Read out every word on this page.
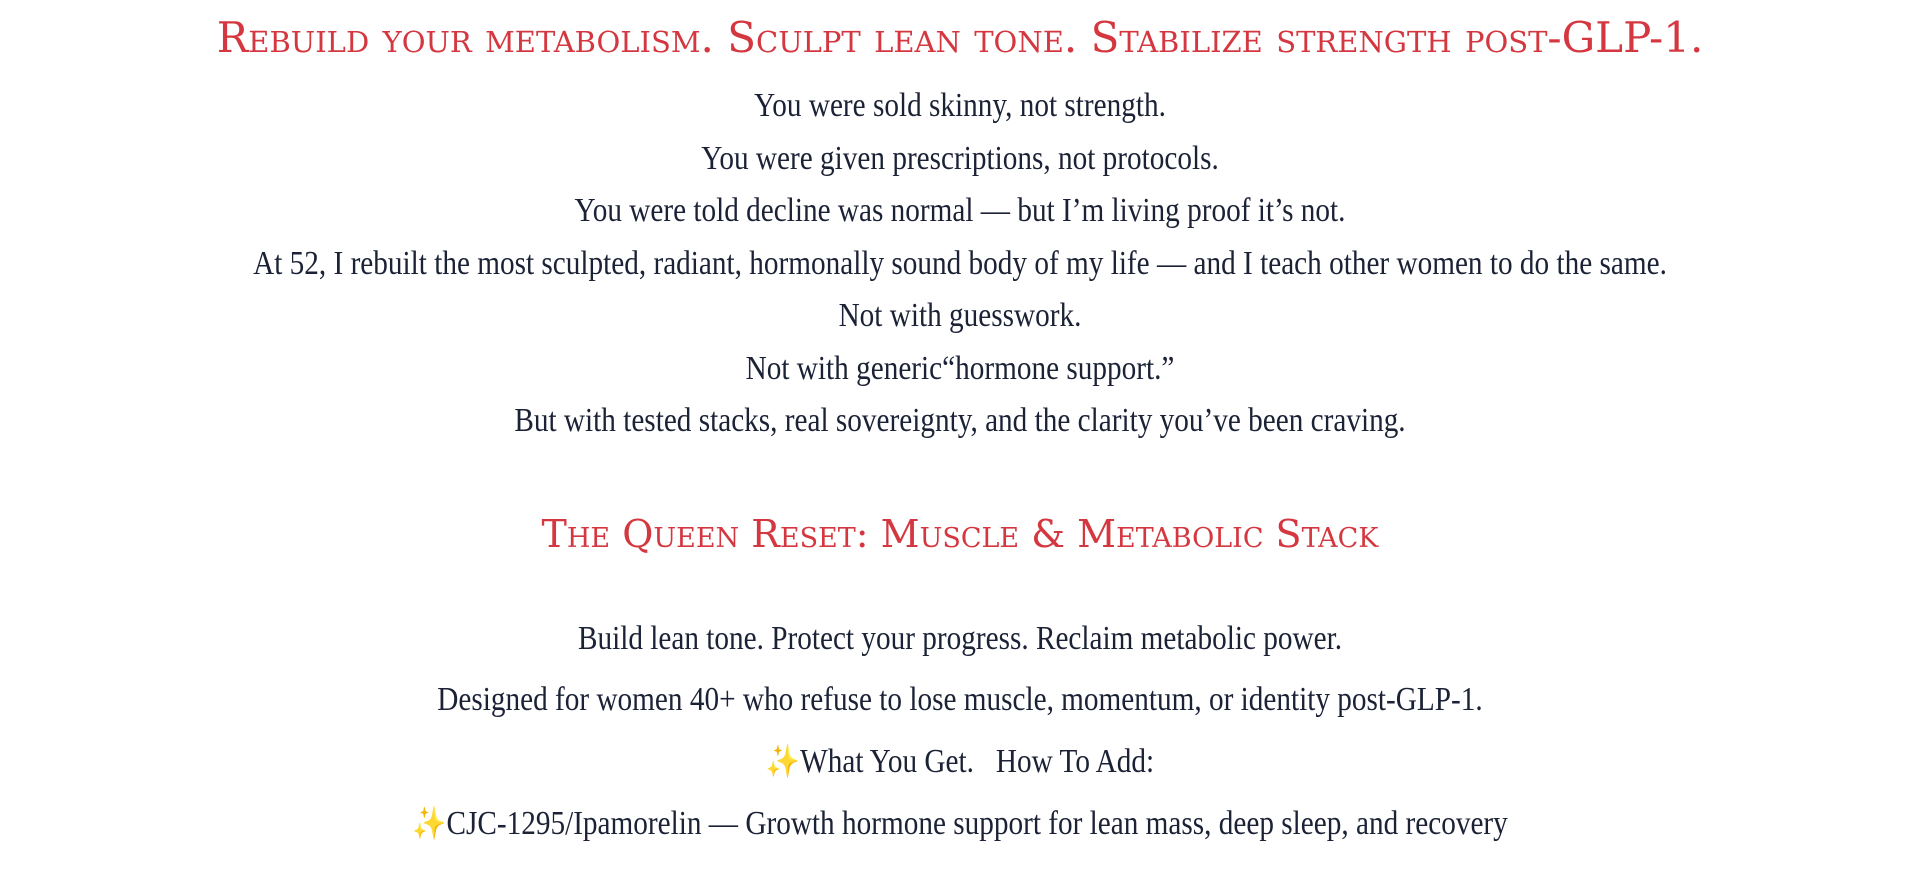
Rebuild your metabolism. Sculpt lean tone. Stabilize strength post-GLP-1.

You were sold skinny, not strength.

You were given prescriptions, not protocols.

You were told decline was normal — but I’m living proof it’s not.

At 52, I rebuilt the most sculpted, radiant, hormonally sound body of my life — and I teach other women to do the same.

Not with guesswork.

Not with generic“hormone support.”

But with tested stacks, real sovereignty, and the clarity you’ve been craving.

The Queen Reset: Muscle & Metabolic Stack

Build lean tone. Protect your progress. Reclaim metabolic power.

Designed for women 40+ who refuse to lose muscle, momentum, or identity post-GLP-1.

✨What You Get. How To Add:

✨CJC-1295/Ipamorelin — Growth hormone support for lean mass, deep sleep, and recovery
